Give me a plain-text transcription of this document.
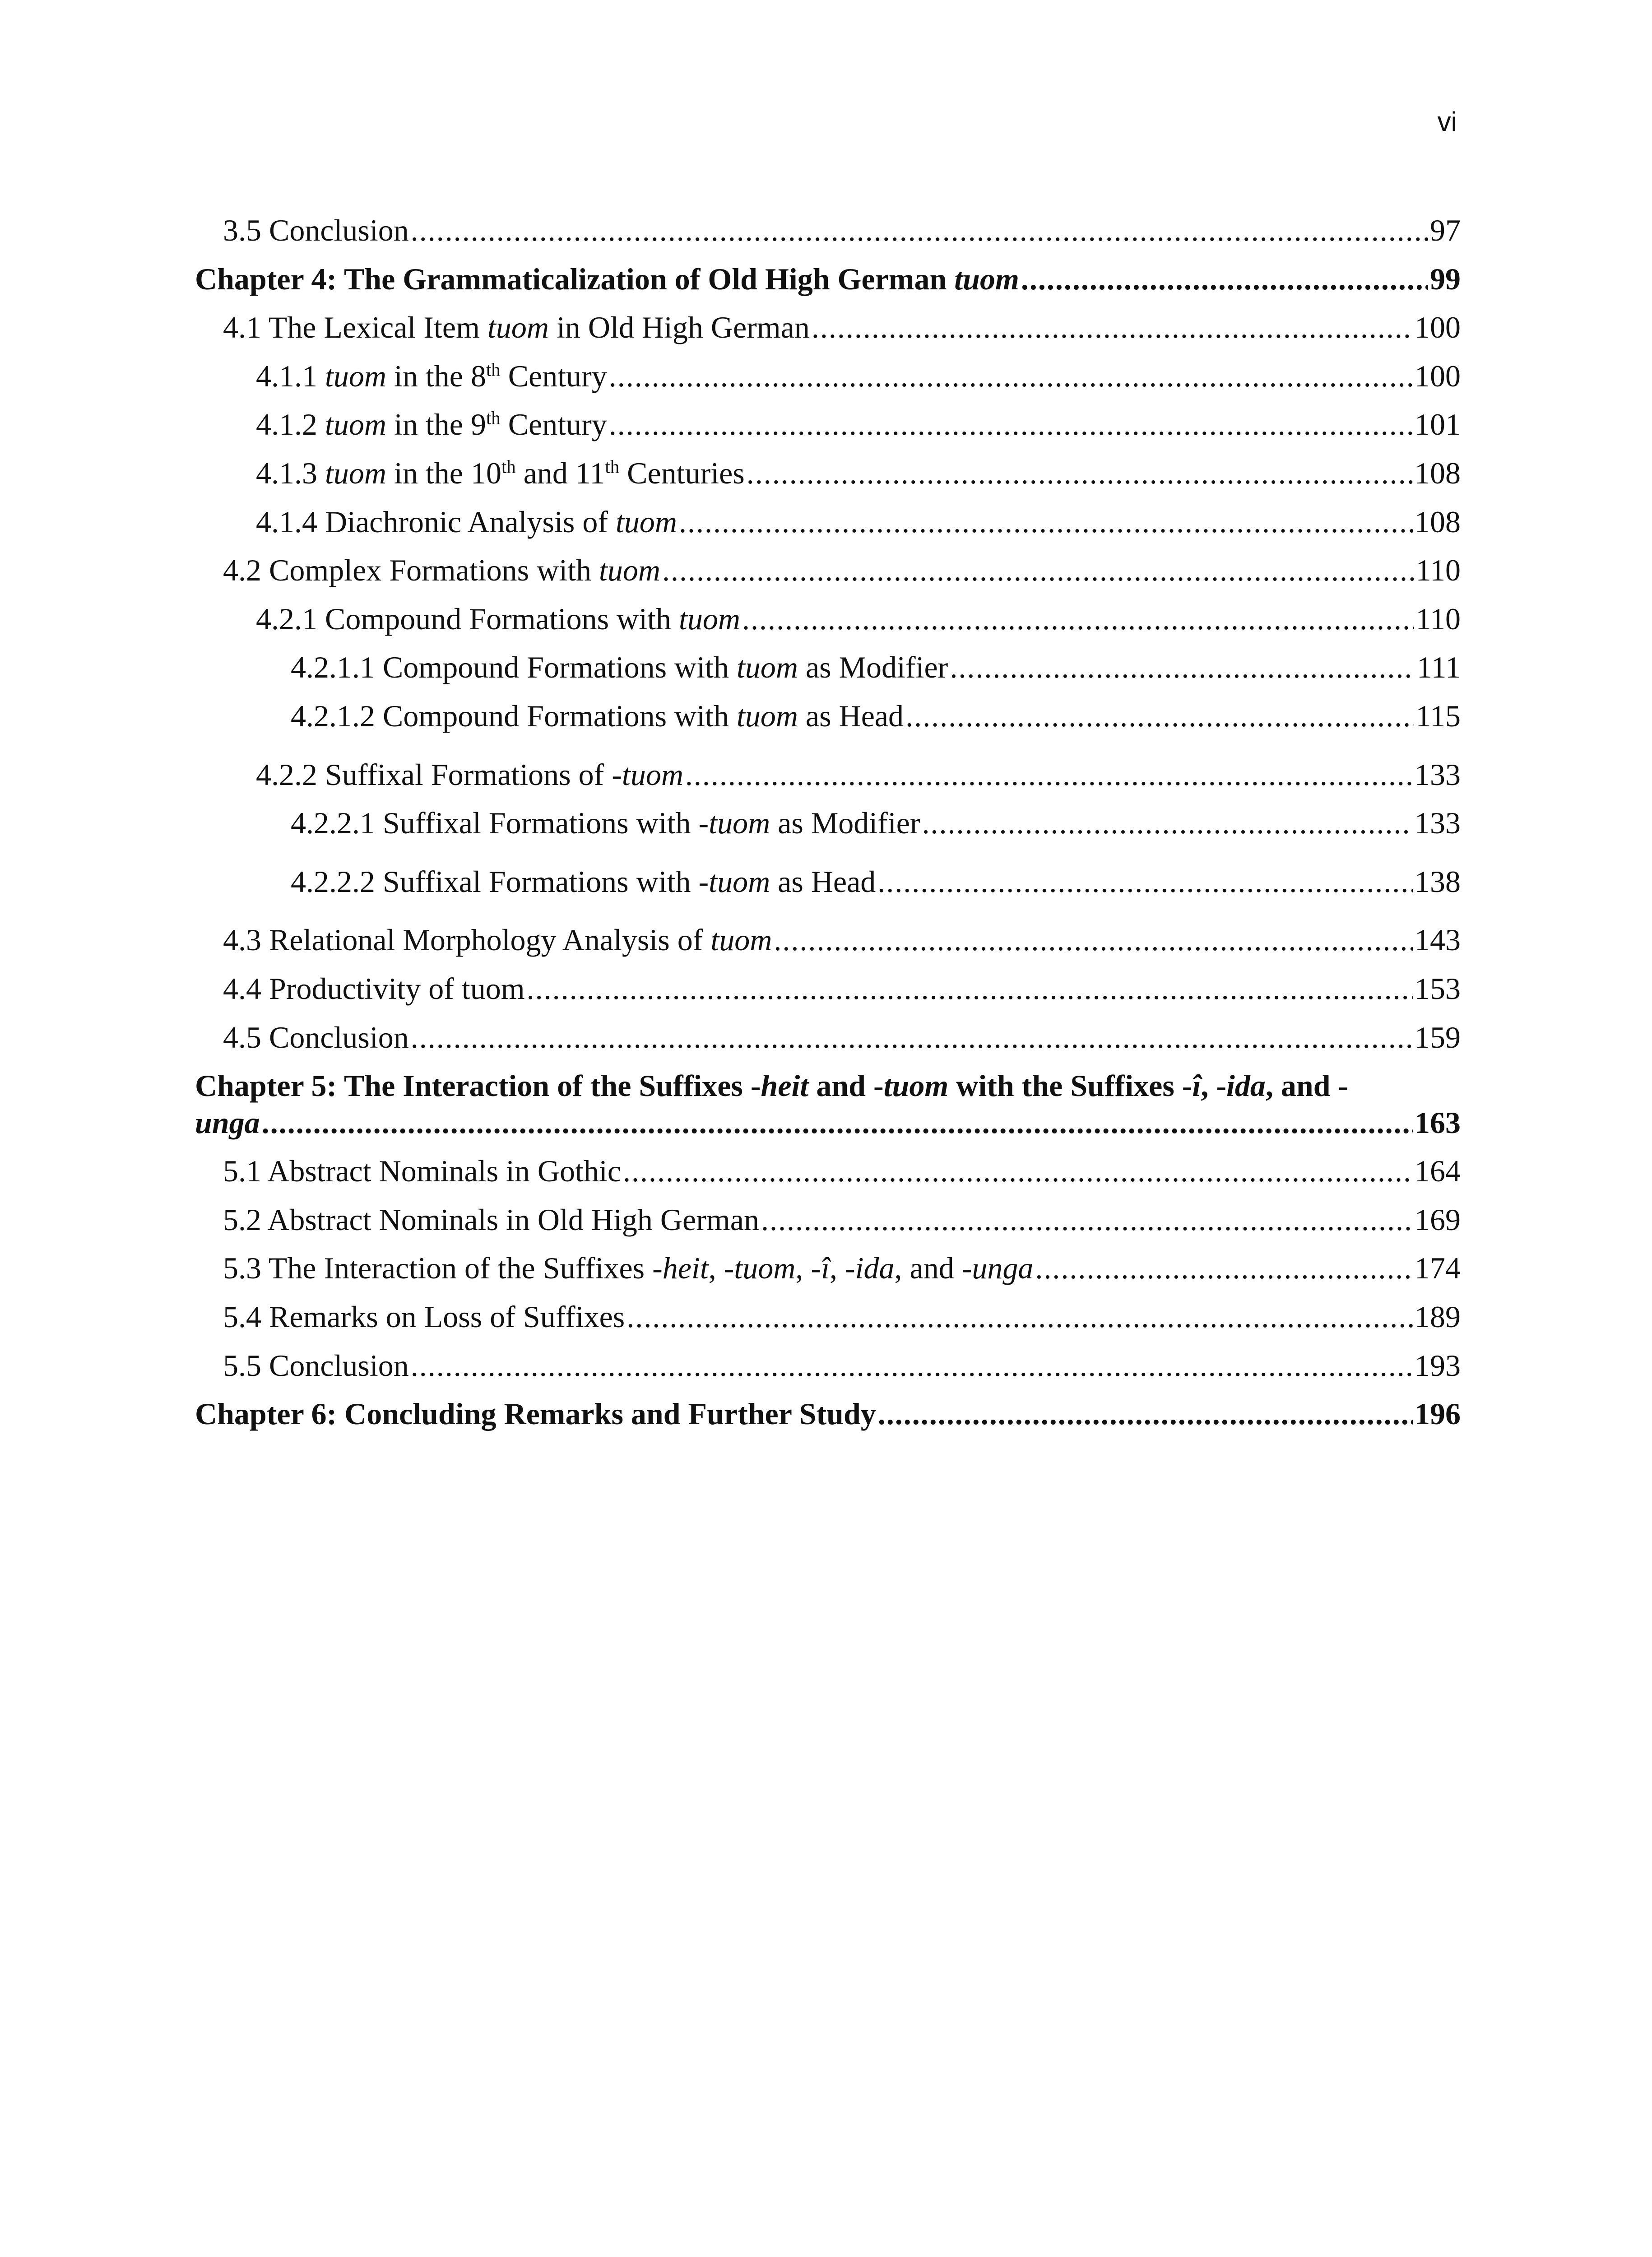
vi
3.5 Conclusion .....	97
Chapter 4: The Grammaticalization of Old High German tuom .....	99
4.1 The Lexical Item tuom in Old High German .....	100
4.1.1 tuom in the 8th Century .....	100
4.1.2 tuom in the 9th Century .....	101
4.1.3 tuom in the 10th and 11th Centuries .....	108
4.1.4 Diachronic Analysis of tuom .....	108
4.2 Complex Formations with tuom .....	110
4.2.1 Compound Formations with tuom .....	110
4.2.1.1 Compound Formations with tuom as Modifier .....	111
4.2.1.2 Compound Formations with tuom as Head .....	115
4.2.2 Suffixal Formations of -tuom .....	133
4.2.2.1 Suffixal Formations with -tuom as Modifier .....	133
4.2.2.2 Suffixal Formations with -tuom as Head .....	138
4.3 Relational Morphology Analysis of tuom .....	143
4.4 Productivity of tuom .....	153
4.5 Conclusion .....	159
Chapter 5: The Interaction of the Suffixes -heit and -tuom with the Suffixes -î, -ida, and -
unga .....	163
5.1 Abstract Nominals in Gothic .....	164
5.2 Abstract Nominals in Old High German .....	169
5.3 The Interaction of the Suffixes -heit, -tuom, -î, -ida, and -unga .....	174
5.4 Remarks on Loss of Suffixes .....	189
5.5 Conclusion .....	193
Chapter 6: Concluding Remarks and Further Study .....	196
